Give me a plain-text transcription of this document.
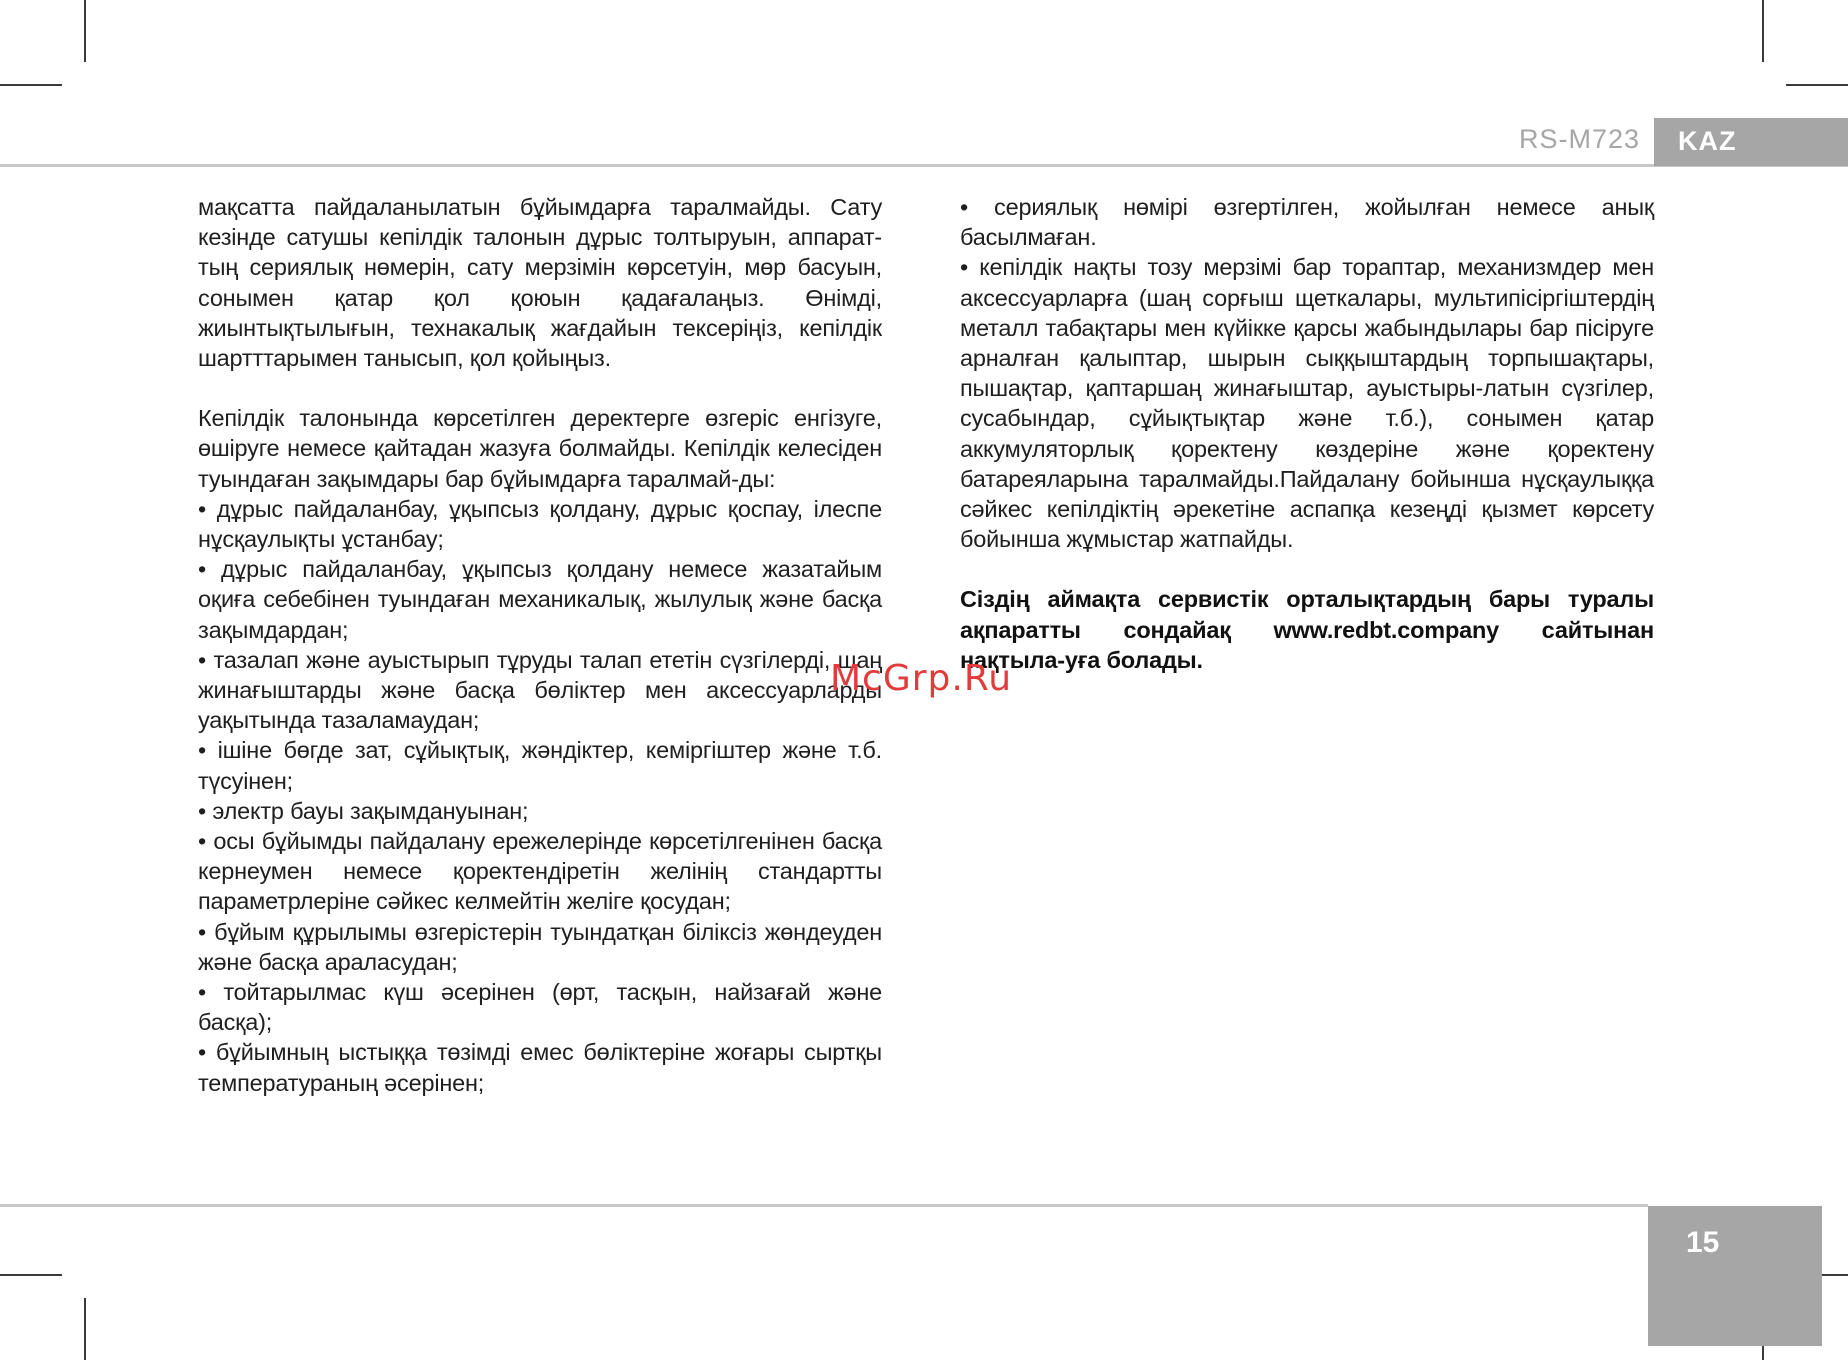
RS-M723 KAZ

мақсатта пайдаланылатын бұйымдарға таралмайды. Сату кезінде сатушы кепілдік талонын дұрыс толтыруын, аппарат-тың сериялық нөмерін, сату мерзімін көрсетуін, мөр басуын, сонымен қатар қол қоюын қадағалаңыз. Өнімді, жиынтықтылығын, технакалық жағдайын тексеріңіз, кепілдік шартттарымен танысып, қол қойыңыз.

Кепілдік талонында көрсетілген деректерге өзгеріс енгізуге, өшіруге немесе қайтадан жазуға болмайды. Кепілдік келесіден туындаған зақымдары бар бұйымдарға таралмай-ды:

• дұрыс пайдаланбау, ұқыпсыз қолдану, дұрыс қоспау, ілеспе нұсқаулықты ұстанбау;

• дұрыс пайдаланбау, ұқыпсыз қолдану немесе жазатайым оқиға себебінен туындаған механикалық, жылулық және басқа зақымдардан;

• тазалап және ауыстырып тұруды талап ететін сүзгілерді, шаң жинағыштарды және басқа бөліктер мен аксессуарларды уақытында тазаламаудан;

• ішіне бөгде зат, сұйықтық, жәндіктер, кеміргіштер және т.б. түсуінен;

• электр бауы зақымдануынан;

• осы бұйымды пайдалану ережелерінде көрсетілгенінен басқа кернеумен немесе қоректендіретін желінің стандартты параметрлеріне сәйкес келмейтін желіге қосудан;

• бұйым құрылымы өзгерістерін туындатқан біліксіз жөндеуден және басқа араласудан;

• тойтарылмас күш әсерінен (өрт, тасқын, найзағай және басқа);

• бұйымның ыстыққа төзімді емес бөліктеріне жоғары сыртқы температураның әсерінен;

• сериялық нөмірі өзгертілген, жойылған немесе анық басылмаған.

• кепілдік нақты тозу мерзімі бар тораптар, механизмдер мен аксессуарларға (шаң сорғыш щеткалары, мультипісіргіштердің металл табақтары мен күйікке қарсы жабындылары бар пісіруге арналған қалыптар, шырын сыққыштардың торпышақтары, пышақтар, қаптаршаң жинағыштар, ауыстыры-латын сүзгілер, сусабындар, сұйықтықтар және т.б.), сонымен қатар аккумуляторлық қоректену көздеріне және қоректену батареяларына таралмайды.Пайдалану бойынша нұсқаулыққа сәйкес кепілдіктің әрекетіне аспапқа кезеңді қызмет көрсету бойынша жұмыстар жатпайды.

Сіздің аймақта сервистік орталықтардың бары туралы ақпаратты сондайақ www.redbt.company сайтынан нақтыла-уға болады.

McGrp.Ru
15
